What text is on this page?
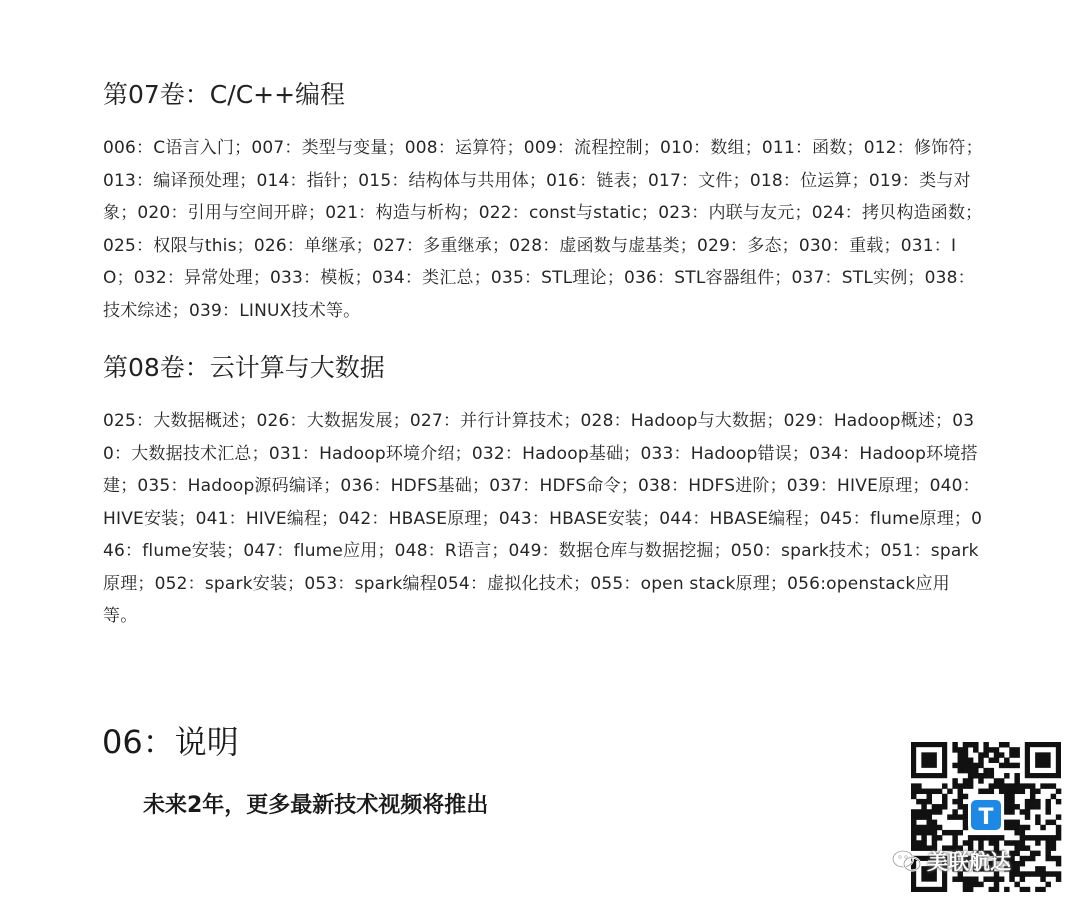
第07卷：C/C++编程

006：C语言入门；007：类型与变量；008：运算符；009：流程控制；010：数组；011：函数；012：修饰符；013：编译预处理；014：指针；015：结构体与共用体；016：链表；017：文件；018：位运算；019：类与对象；020：引用与空间开辟；021：构造与析构；022：const与static；023：内联与友元；024：拷贝构造函数；025：权限与this；026：单继承；027：多重继承；028：虚函数与虚基类；029：多态；030：重载；031：IO；032：异常处理；033：模板；034：类汇总；035：STL理论；036：STL容器组件；037：STL实例；038：技术综述；039：LINUX技术等。

第08卷：云计算与大数据

025：大数据概述；026：大数据发展；027：并行计算技术；028：Hadoop与大数据；029：Hadoop概述；030：大数据技术汇总；031：Hadoop环境介绍；032：Hadoop基础；033：Hadoop错误；034：Hadoop环境搭建；035：Hadoop源码编译；036：HDFS基础；037：HDFS命令；038：HDFS进阶；039：HIVE原理；040：HIVE安装；041：HIVE编程；042：HBASE原理；043：HBASE安装；044：HBASE编程；045：flume原理；046：flume安装；047：flume应用；048：R语言；049：数据仓库与数据挖掘；050：spark技术；051：spark原理；052：spark安装；053：spark编程054：虚拟化技术；055：open stack原理；056:openstack应用等。

06：说明

未来2年，更多最新技术视频将推出	T
美联航达
